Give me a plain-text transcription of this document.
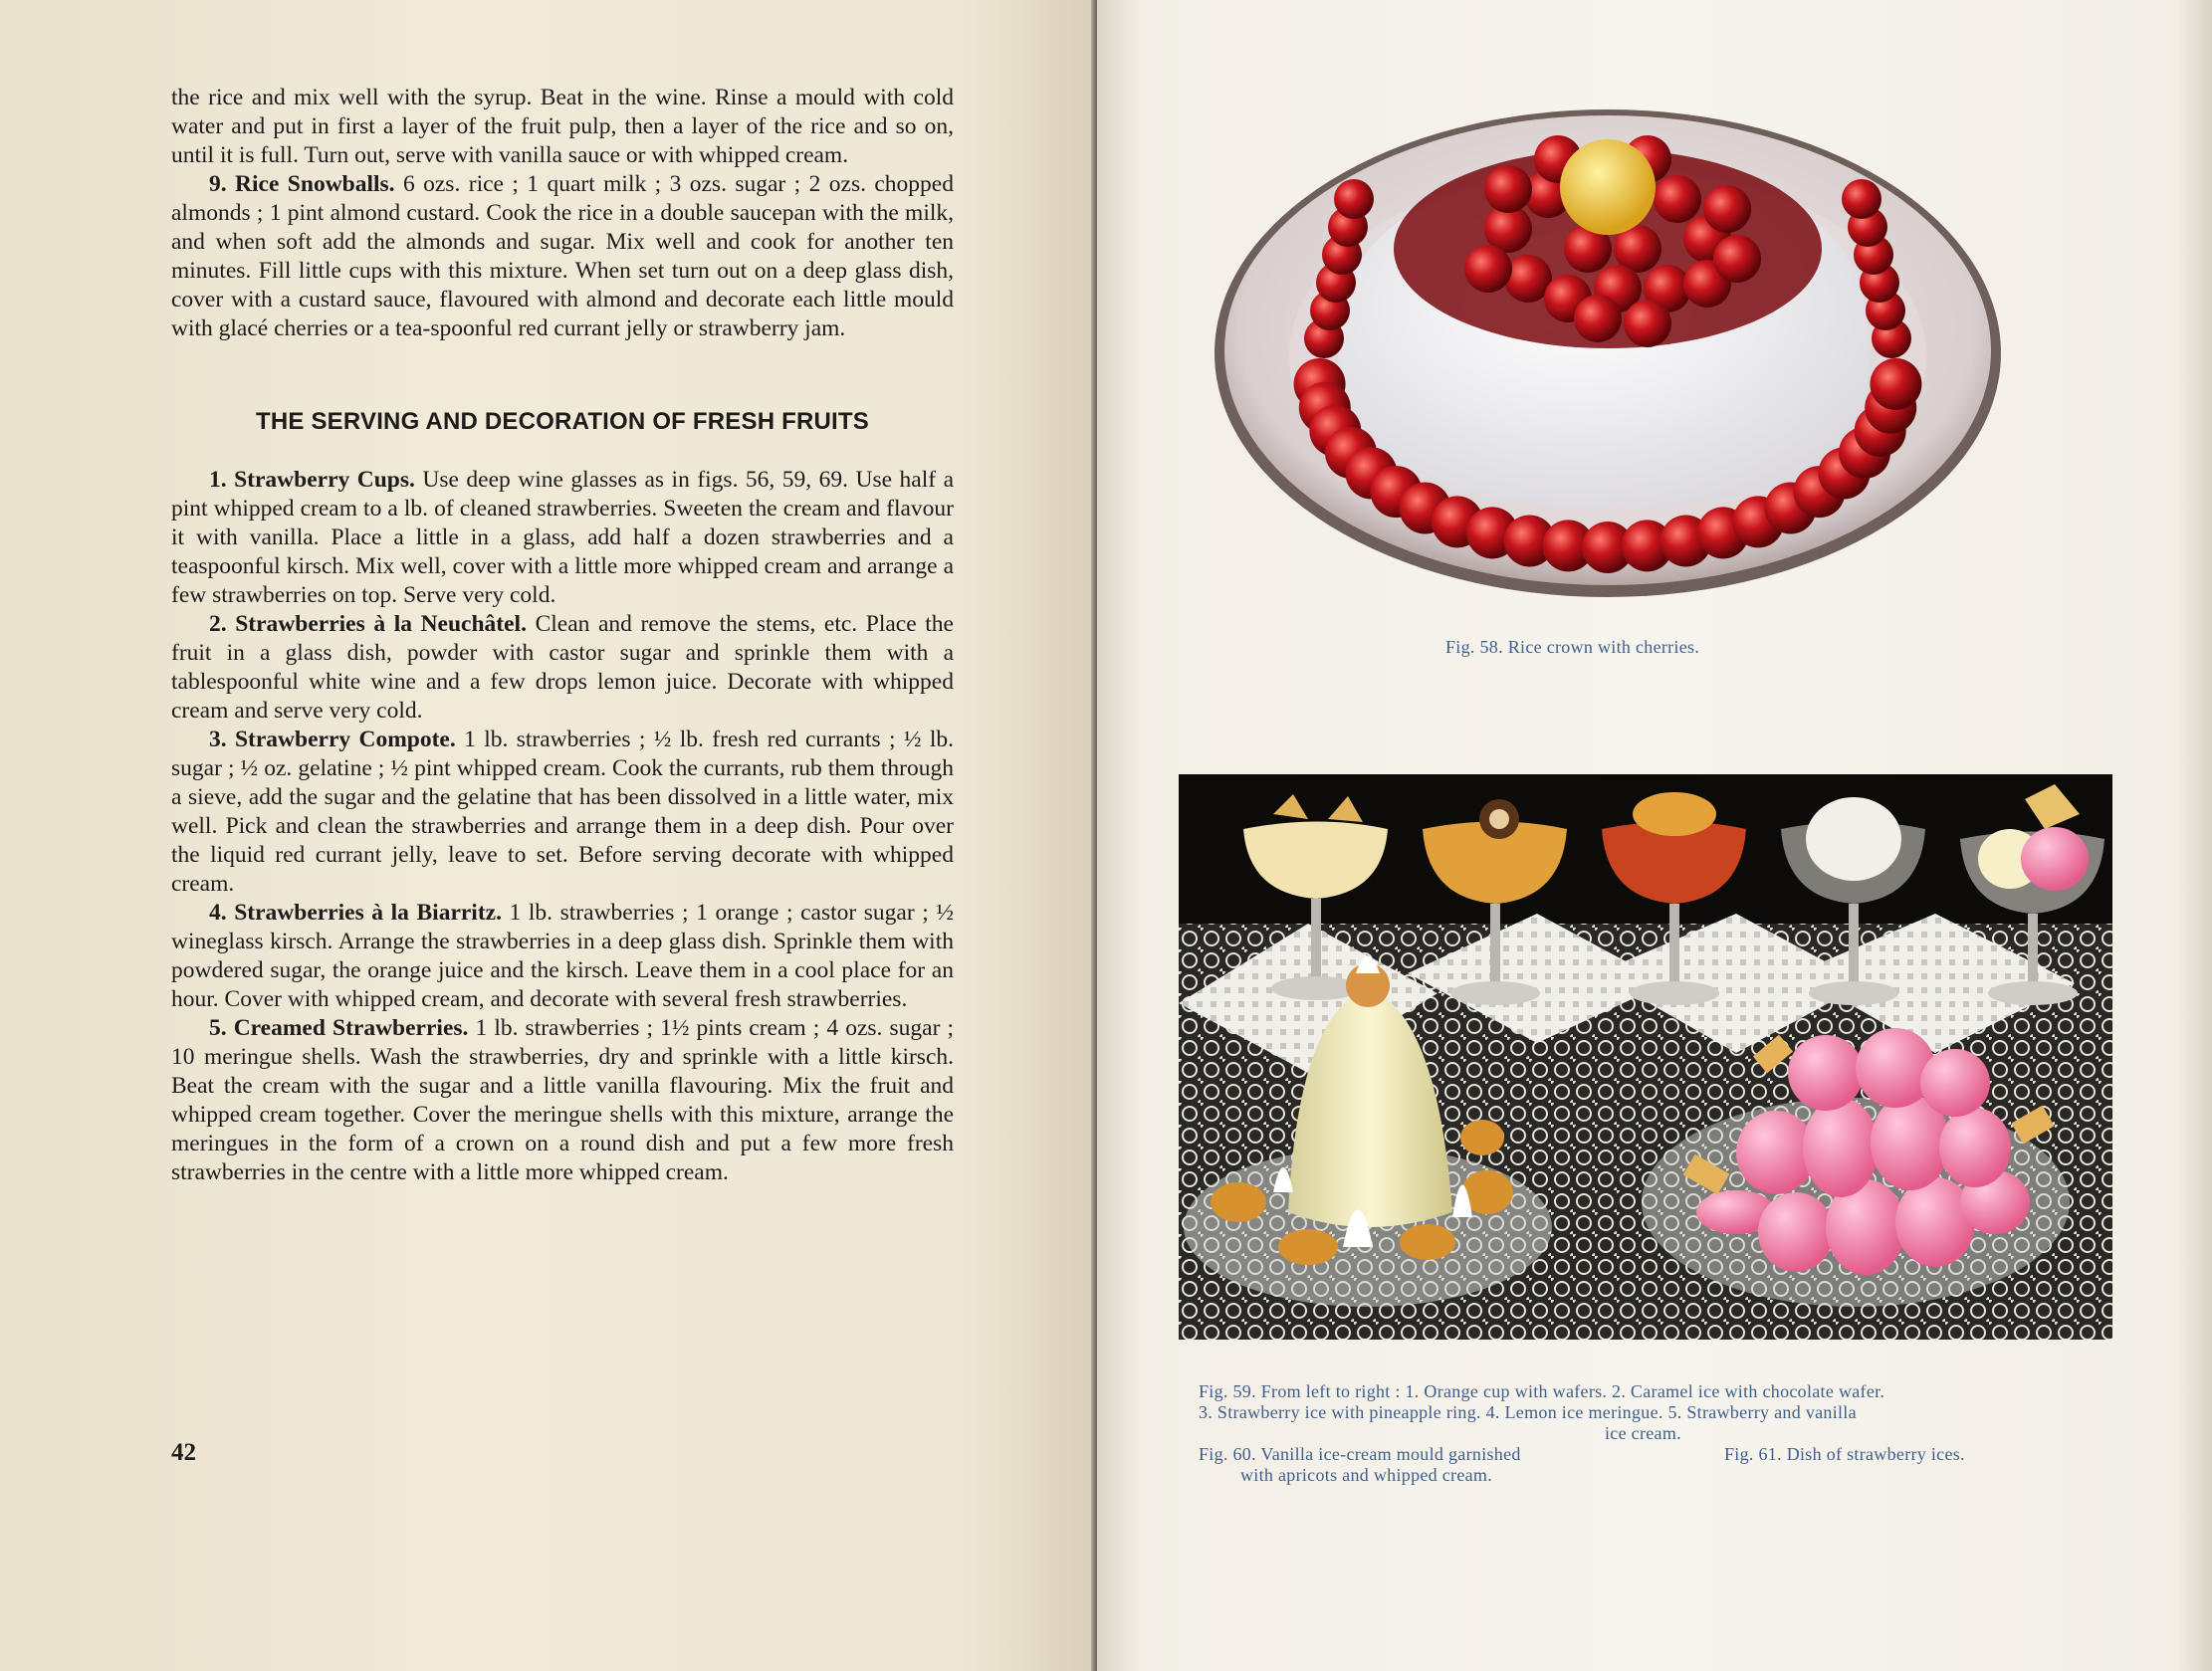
the rice and mix well with the syrup. Beat in the wine. Rinse a mould with cold water and put in first a layer of the fruit pulp, then a layer of the rice and so on, until it is full. Turn out, serve with vanilla sauce or with whipped cream.

9. Rice Snowballs. 6 ozs. rice ; 1 quart milk ; 3 ozs. sugar ; 2 ozs. chopped almonds ; 1 pint almond custard. Cook the rice in a double saucepan with the milk, and when soft add the almonds and sugar. Mix well and cook for another ten minutes. Fill little cups with this mixture. When set turn out on a deep glass dish, cover with a custard sauce, flavoured with almond and decorate each little mould with glacé cherries or a tea-spoonful red currant jelly or strawberry jam.

THE SERVING AND DECORATION OF FRESH FRUITS

1. Strawberry Cups. Use deep wine glasses as in figs. 56, 59, 69. Use half a pint whipped cream to a lb. of cleaned strawberries. Sweeten the cream and flavour it with vanilla. Place a little in a glass, add half a dozen strawberries and a teaspoonful kirsch. Mix well, cover with a little more whipped cream and arrange a few strawberries on top. Serve very cold.

2. Strawberries à la Neuchâtel. Clean and remove the stems, etc. Place the fruit in a glass dish, powder with castor sugar and sprinkle them with a tablespoonful white wine and a few drops lemon juice. Decorate with whipped cream and serve very cold.

3. Strawberry Compote. 1 lb. strawberries ; ½ lb. fresh red currants ; ½ lb. sugar ; ½ oz. gelatine ; ½ pint whipped cream. Cook the currants, rub them through a sieve, add the sugar and the gelatine that has been dissolved in a little water, mix well. Pick and clean the strawberries and arrange them in a deep dish. Pour over the liquid red currant jelly, leave to set. Before serving decorate with whipped cream.

4. Strawberries à la Biarritz. 1 lb. strawberries ; 1 orange ; castor sugar ; ½ wineglass kirsch. Arrange the strawberries in a deep glass dish. Sprinkle them with powdered sugar, the orange juice and the kirsch. Leave them in a cool place for an hour. Cover with whipped cream, and decorate with several fresh strawberries.

5. Creamed Strawberries. 1 lb. strawberries ; 1½ pints cream ; 4 ozs. sugar ; 10 meringue shells. Wash the strawberries, dry and sprinkle with a little kirsch. Beat the cream with the sugar and a little vanilla flavouring. Mix the fruit and whipped cream together. Cover the meringue shells with this mixture, arrange the meringues in the form of a crown on a round dish and put a few more fresh strawberries in the centre with a little more whipped cream.

42
Fig. 58. Rice crown with cherries.
Fig. 59. From left to right : 1. Orange cup with wafers. 2. Caramel ice with chocolate wafer.
3. Strawberry ice with pineapple ring. 4. Lemon ice meringue. 5. Strawberry and vanilla
ice cream.
Fig. 60. Vanilla ice-cream mould garnished
with apricots and whipped cream.
Fig. 61. Dish of strawberry ices.
